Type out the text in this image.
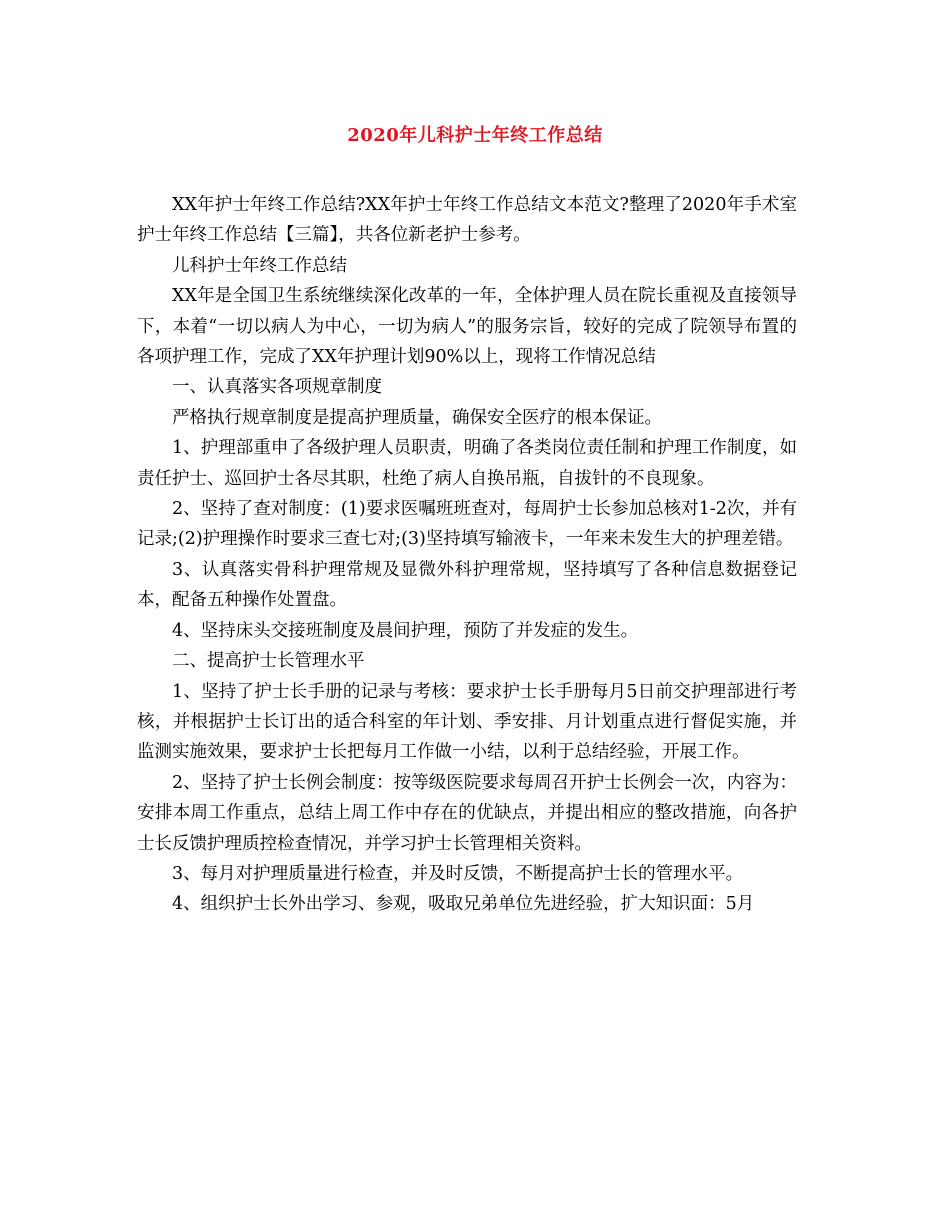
2020年儿科护士年终工作总结

XX年护士年终工作总结?XX年护士年终工作总结文本范文?整理了2020年手术室护士年终工作总结【三篇】，共各位新老护士参考。

儿科护士年终工作总结

XX年是全国卫生系统继续深化改革的一年，全体护理人员在院长重视及直接领导下，本着“一切以病人为中心，一切为病人”的服务宗旨，较好的完成了院领导布置的各项护理工作，完成了XX年护理计划90%以上，现将工作情况总结

一、认真落实各项规章制度

严格执行规章制度是提高护理质量，确保安全医疗的根本保证。

1、护理部重申了各级护理人员职责，明确了各类岗位责任制和护理工作制度，如责任护士、巡回护士各尽其职，杜绝了病人自换吊瓶，自拔针的不良现象。

2、坚持了查对制度：(1)要求医嘱班班查对，每周护士长参加总核对1-2次，并有记录;(2)护理操作时要求三查七对;(3)坚持填写输液卡，一年来未发生大的护理差错。

3、认真落实骨科护理常规及显微外科护理常规，坚持填写了各种信息数据登记本，配备五种操作处置盘。

4、坚持床头交接班制度及晨间护理，预防了并发症的发生。

二、提高护士长管理水平

1、坚持了护士长手册的记录与考核：要求护士长手册每月5日前交护理部进行考核，并根据护士长订出的适合科室的年计划、季安排、月计划重点进行督促实施，并监测实施效果，要求护士长把每月工作做一小结，以利于总结经验，开展工作。

2、坚持了护士长例会制度：按等级医院要求每周召开护士长例会一次，内容为：安排本周工作重点，总结上周工作中存在的优缺点，并提出相应的整改措施，向各护士长反馈护理质控检查情况，并学习护士长管理相关资料。

3、每月对护理质量进行检查，并及时反馈，不断提高护士长的管理水平。

4、组织护士长外出学习、参观，吸取兄弟单位先进经验，扩大知识面：5月
